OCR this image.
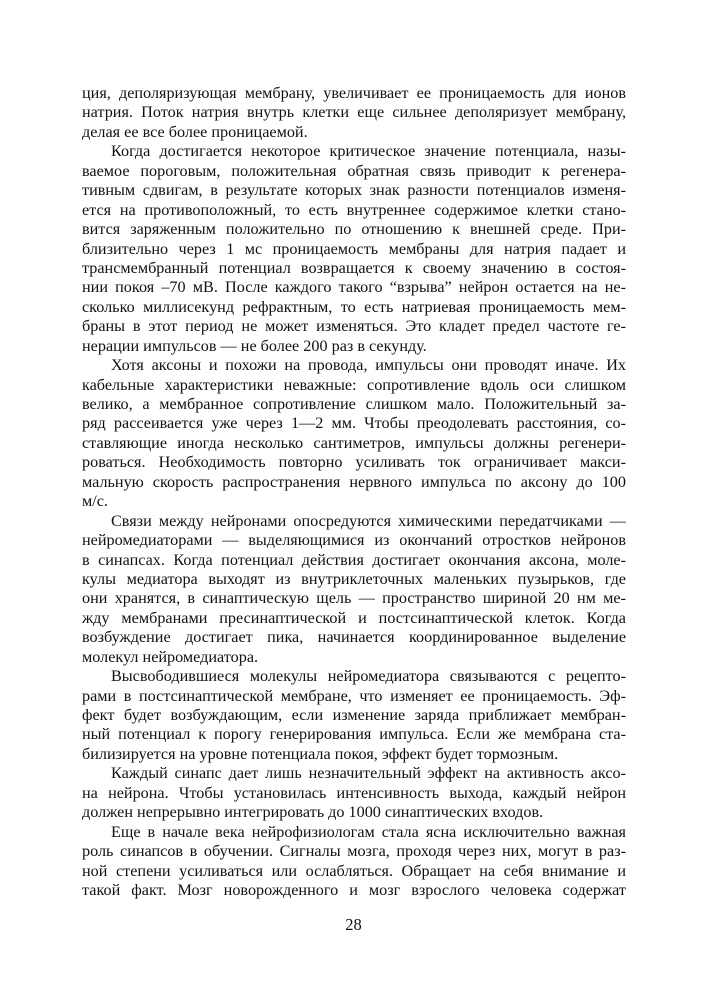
ция, деполяризующая мембрану, увеличивает ее проницаемость для ионов
натрия. Поток натрия внутрь клетки еще сильнее деполяризует мембрану,
делая ее все более проницаемой.
Когда достигается некоторое критическое значение потенциала, назы-
ваемое пороговым, положительная обратная связь приводит к регенера-
тивным сдвигам, в результате которых знак разности потенциалов изменя-
ется на противоположный, то есть внутреннее содержимое клетки стано-
вится заряженным положительно по отношению к внешней среде. При-
близительно через 1 мс проницаемость мембраны для натрия падает и
трансмембранный потенциал возвращается к своему значению в состоя-
нии покоя –70 мВ. После каждого такого “взрыва” нейрон остается на не-
сколько миллисекунд рефрактным, то есть натриевая проницаемость мем-
браны в этот период не может изменяться. Это кладет предел частоте ге-
нерации импульсов — не более 200 раз в секунду.
Хотя аксоны и похожи на провода, импульсы они проводят иначе. Их
кабельные характеристики неважные: сопротивление вдоль оси слишком
велико, а мембранное сопротивление слишком мало. Положительный за-
ряд рассеивается уже через 1—2 мм. Чтобы преодолевать расстояния, со-
ставляющие иногда несколько сантиметров, импульсы должны регенери-
роваться. Необходимость повторно усиливать ток ограничивает макси-
мальную скорость распространения нервного импульса по аксону до 100
м/с.
Связи между нейронами опосредуются химическими передатчиками —
нейромедиаторами — выделяющимися из окончаний отростков нейронов
в синапсах. Когда потенциал действия достигает окончания аксона, моле-
кулы медиатора выходят из внутриклеточных маленьких пузырьков, где
они хранятся, в синаптическую щель — пространство шириной 20 нм ме-
жду мембранами пресинаптической и постсинаптической клеток. Когда
возбуждение достигает пика, начинается координированное выделение
молекул нейромедиатора.
Высвободившиеся молекулы нейромедиатора связываются с рецепто-
рами в постсинаптической мембране, что изменяет ее проницаемость. Эф-
фект будет возбуждающим, если изменение заряда приближает мембран-
ный потенциал к порогу генерирования импульса. Если же мембрана ста-
билизируется на уровне потенциала покоя, эффект будет тормозным.
Каждый синапс дает лишь незначительный эффект на активность аксо-
на нейрона. Чтобы установилась интенсивность выхода, каждый нейрон
должен непрерывно интегрировать до 1000 синаптических входов.
Еще в начале века нейрофизиологам стала ясна исключительно важная
роль синапсов в обучении. Сигналы мозга, проходя через них, могут в раз-
ной степени усиливаться или ослабляться. Обращает на себя внимание и
такой факт. Мозг новорожденного и мозг взрослого человека содержат
28
